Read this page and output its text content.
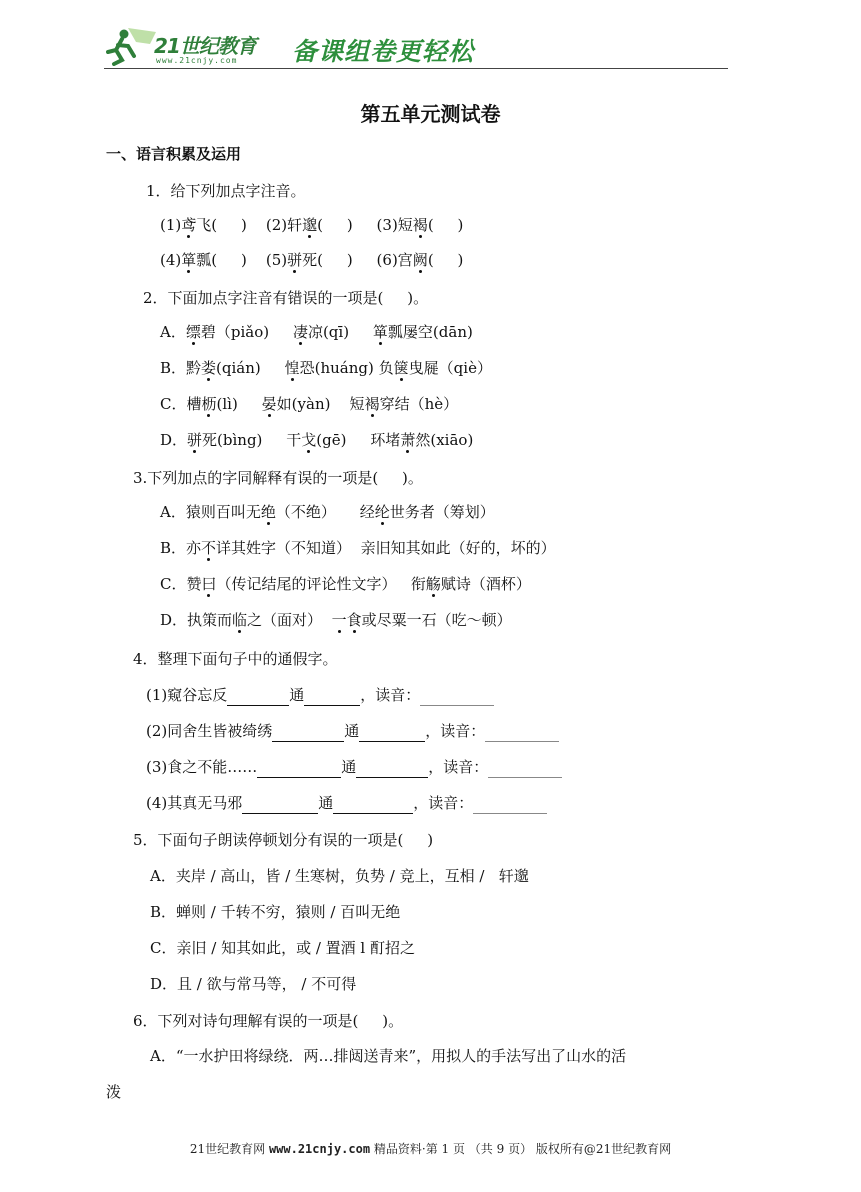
21世纪教育
www.21cnjy.com 备课组卷更轻松
第五单元测试卷
一、语言积累及运用
1．给下列加点字注音。
(1)鸢飞(     ) (2)轩邈(     ) (3)短褐(     )
(4)箪瓢(     ) (5)骈死(     ) (6)宫阙(     )
2．下面加点字注音有错误的一项是(     )。
A．缥碧（piǎo) 凄凉(qī) 箪瓢屡空(dān)
B．黔娄(qián) 惶恐(huáng) 负箧曳屣（qiè）
C．槽枥(lì) 晏如(yàn) 短褐穿结（hè）
D．骈死(bìng) 干戈(gē) 环堵萧然(xiāo)
3.下列加点的字同解释有误的一项是(     )。
A．猿则百叫无绝（不绝） 经纶世务者（筹划）
B．亦不详其姓字（不知道）  亲旧知其如此（好的，坏的）
C．赞曰（传记结尾的评论性文字） 衔觞赋诗（酒杯）
D．执策而临之（面对）  一食或尽粟一石（吃～顿）
4．整理下面句子中的通假字。
(1)窥谷忘反	通	，读音：
(2)同舍生皆被绮绣	通	，读音：
(3)食之不能……	通	，读音：
(4)其真无马邪	通	，读音：
5．下面句子朗读停顿划分有误的一项是(     )
A．夹岸 / 高山，皆 / 生寒树，负势 / 竞上，互相 /   轩邈
B．蝉则 / 千转不穷，猿则 / 百叫无绝
C．亲旧 / 知其如此，或 / 置酒 l 酊招之
D．且 / 欲与常马等， / 不可得
6．下列对诗句理解有误的一项是(     )。
A．“一水护田将绿绕．两…排闼送青来”，用拟人的手法写出了山水的活
泼
21世纪教育网 www.21cnjy.com 精品资料·第 1 页 （共 9 页） 版权所有@21世纪教育网
